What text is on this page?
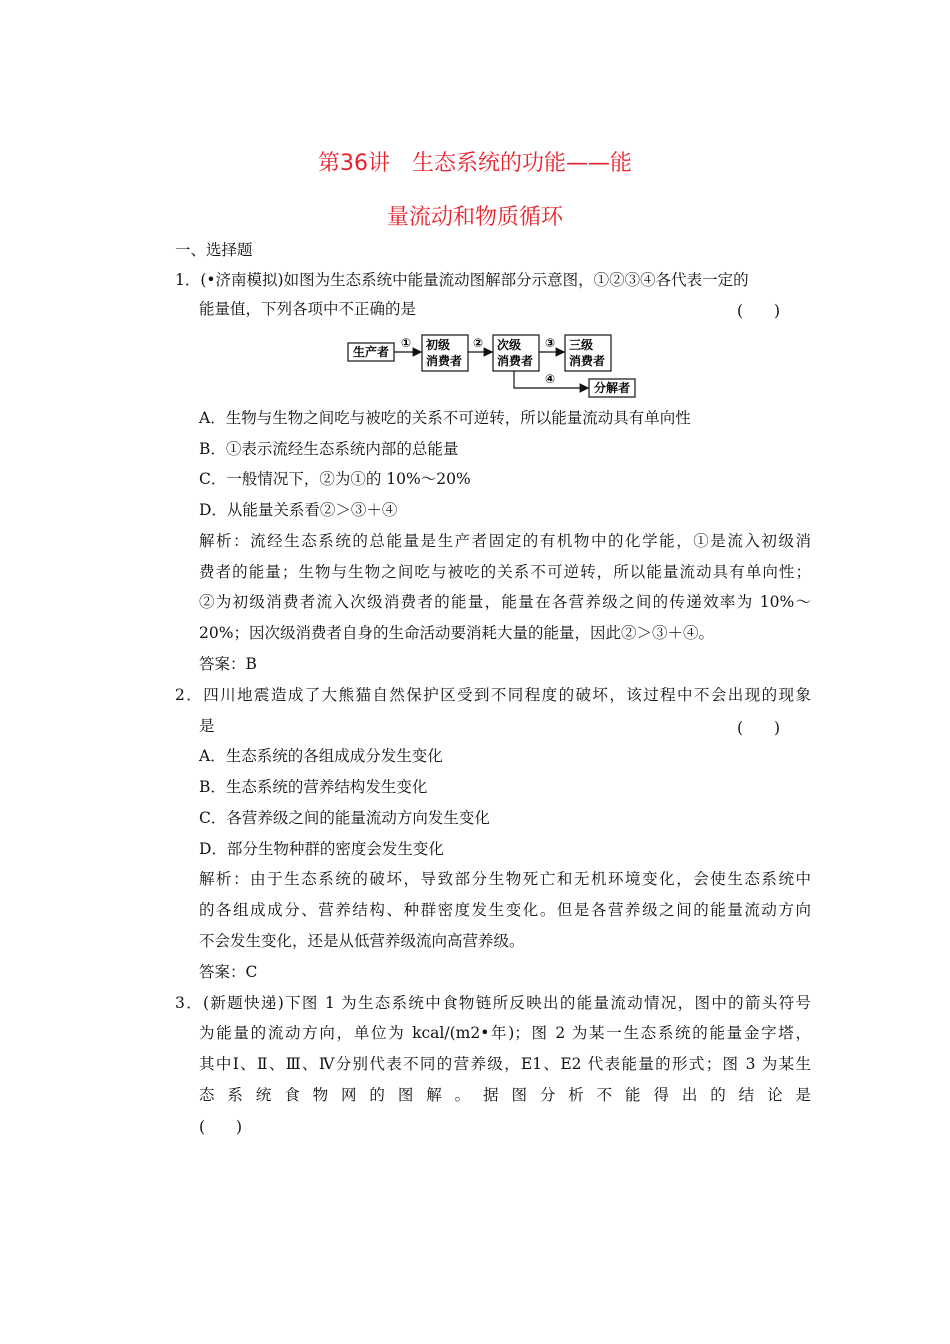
第36讲　生态系统的功能——能
量流动和物质循环
一、选择题
1．(•济南模拟)如图为生态系统中能量流动图解部分示意图，①②③④各代表一定的
能量值，下列各项中不正确的是	(　　)
生产者	初级
消费者
次级
消费者
三级
消费者
分解者
①	②	③
④
A．生物与生物之间吃与被吃的关系不可逆转，所以能量流动具有单向性
B．①表示流经生态系统内部的总能量
C．一般情况下，②为①的 10%～20%
D．从能量关系看②＞③＋④
解析：流经生态系统的总能量是生产者固定的有机物中的化学能，①是流入初级消
费者的能量；生物与生物之间吃与被吃的关系不可逆转，所以能量流动具有单向性；
②为初级消费者流入次级消费者的能量，能量在各营养级之间的传递效率为 10%～
20%；因次级消费者自身的生命活动要消耗大量的能量，因此②＞③＋④。
答案：B
2．四川地震造成了大熊猫自然保护区受到不同程度的破坏，该过程中不会出现的现象
是	(　　)
A．生态系统的各组成成分发生变化
B．生态系统的营养结构发生变化
C．各营养级之间的能量流动方向发生变化
D．部分生物种群的密度会发生变化
解析：由于生态系统的破坏，导致部分生物死亡和无机环境变化，会使生态系统中
的各组成成分、营养结构、种群密度发生变化。但是各营养级之间的能量流动方向
不会发生变化，还是从低营养级流向高营养级。
答案：C
3．(新题快递)下图 1 为生态系统中食物链所反映出的能量流动情况，图中的箭头符号
为能量的流动方向，单位为 kcal/(m2•年)；图 2 为某一生态系统的能量金字塔，
其中Ⅰ、Ⅱ、Ⅲ、Ⅳ分别代表不同的营养级，E1、E2 代表能量的形式；图 3 为某生
态系统食物网的图解。据图分析不能得出的结论是
(　　)
